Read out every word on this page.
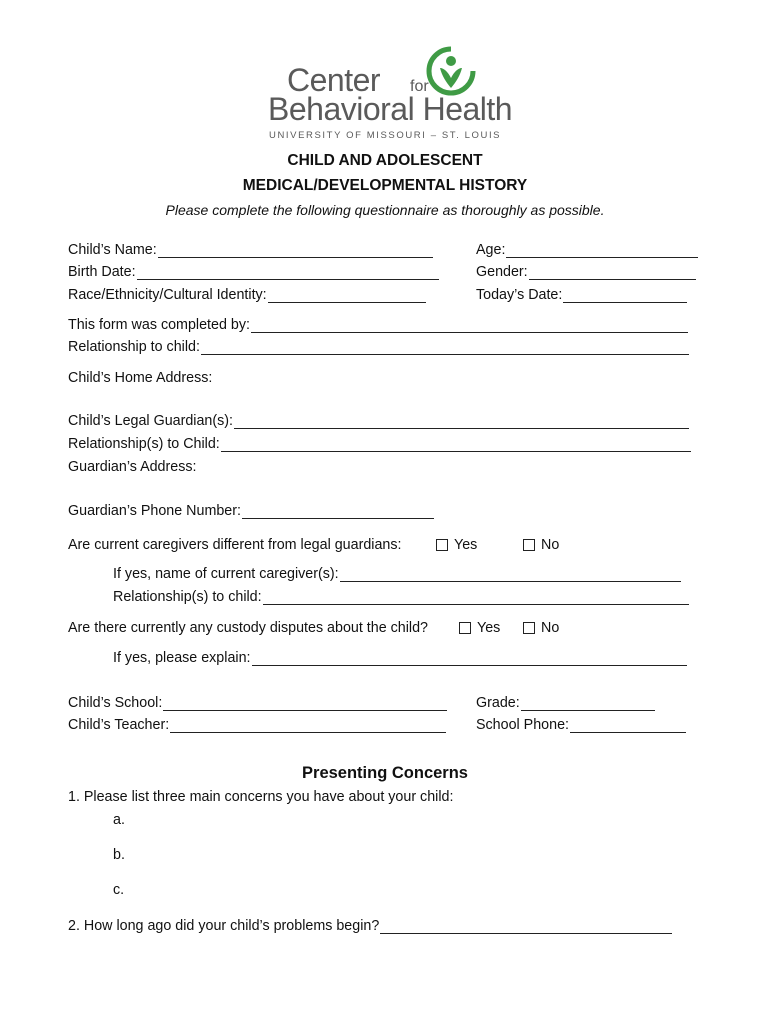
Center for
Behavioral Health
UNIVERSITY OF MISSOURI – ST. LOUIS
CHILD AND ADOLESCENT
MEDICAL/DEVELOPMENTAL HISTORY
Please complete the following questionnaire as thoroughly as possible.
Child’s Name:	Age:
Birth Date:	Gender:
Race/Ethnicity/Cultural Identity:	Today’s Date:
This form was completed by:
Relationship to child:
Child’s Home Address:
Child’s Legal Guardian(s):
Relationship(s) to Child:
Guardian’s Address:
Guardian’s Phone Number:
Are current caregivers different from legal guardians:	Yes	No
If yes, name of current caregiver(s):
Relationship(s) to child:
Are there currently any custody disputes about the child?	Yes	No
If yes, please explain:
Child’s School:	Grade:
Child’s Teacher:	School Phone:
Presenting Concerns
1. Please list three main concerns you have about your child:
a.
b.
c.
2. How long ago did your child’s problems begin?
